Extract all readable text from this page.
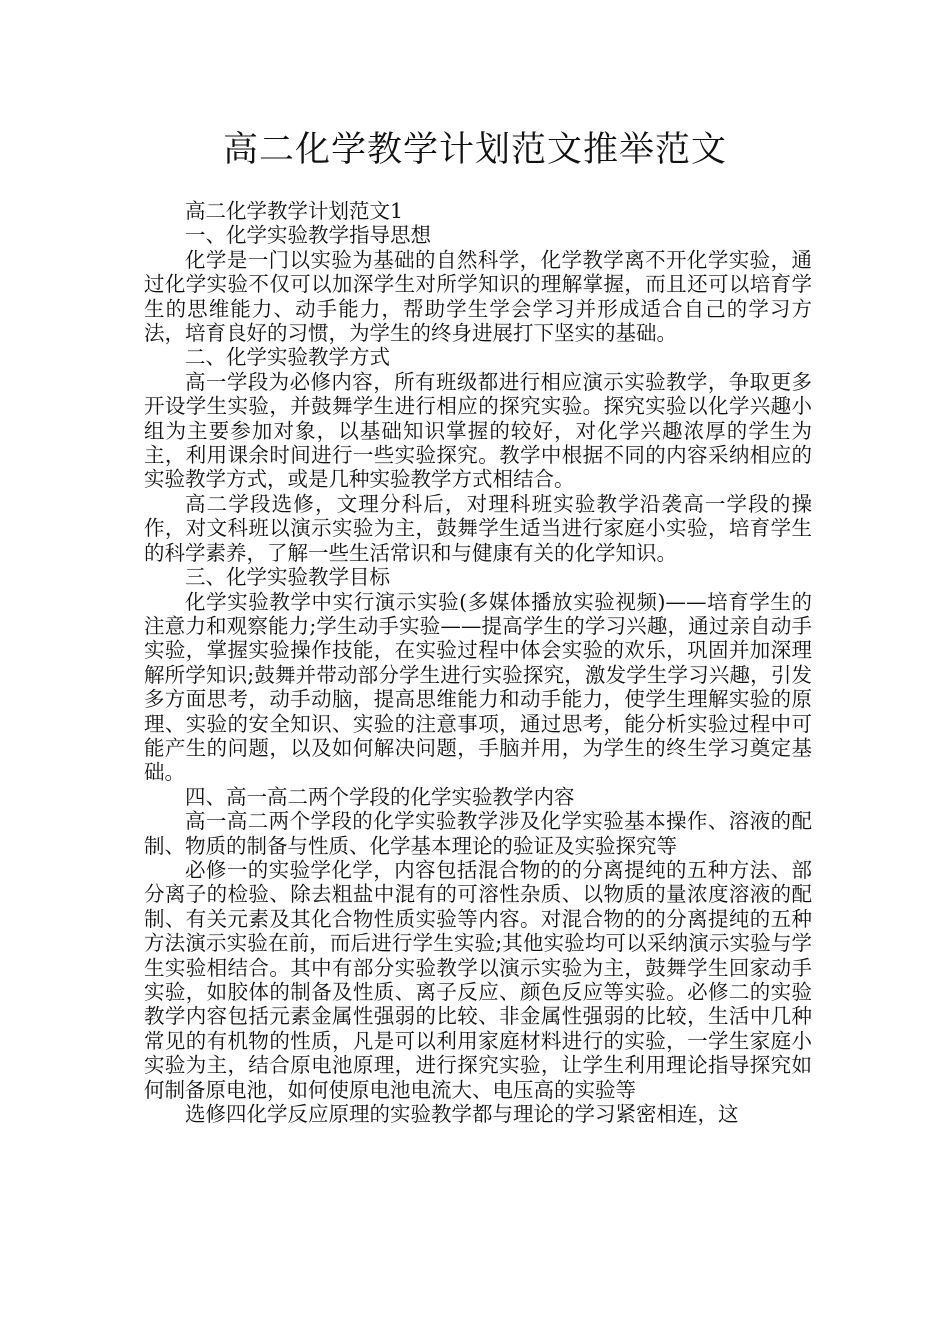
高二化学教学计划范文推举范文

高二化学教学计划范文1

一、化学实验教学指导思想

化学是一门以实验为基础的自然科学，化学教学离不开化学实验，通过化学实验不仅可以加深学生对所学知识的理解掌握，而且还可以培育学生的思维能力、动手能力，帮助学生学会学习并形成适合自己的学习方法，培育良好的习惯，为学生的终身进展打下坚实的基础。

二、化学实验教学方式

高一学段为必修内容，所有班级都进行相应演示实验教学，争取更多开设学生实验，并鼓舞学生进行相应的探究实验。探究实验以化学兴趣小组为主要参加对象，以基础知识掌握的较好，对化学兴趣浓厚的学生为主，利用课余时间进行一些实验探究。教学中根据不同的内容采纳相应的实验教学方式，或是几种实验教学方式相结合。

高二学段选修，文理分科后，对理科班实验教学沿袭高一学段的操作，对文科班以演示实验为主，鼓舞学生适当进行家庭小实验，培育学生的科学素养，了解一些生活常识和与健康有关的化学知识。

三、化学实验教学目标

化学实验教学中实行演示实验(多媒体播放实验视频)——培育学生的注意力和观察能力;学生动手实验——提高学生的学习兴趣，通过亲自动手实验，掌握实验操作技能，在实验过程中体会实验的欢乐，巩固并加深理解所学知识;鼓舞并带动部分学生进行实验探究，激发学生学习兴趣，引发多方面思考，动手动脑，提高思维能力和动手能力，使学生理解实验的原理、实验的安全知识、实验的注意事项，通过思考，能分析实验过程中可能产生的问题，以及如何解决问题，手脑并用，为学生的终生学习奠定基础。

四、高一高二两个学段的化学实验教学内容

高一高二两个学段的化学实验教学涉及化学实验基本操作、溶液的配制、物质的制备与性质、化学基本理论的验证及实验探究等

必修一的实验学化学，内容包括混合物的的分离提纯的五种方法、部分离子的检验、除去粗盐中混有的可溶性杂质、以物质的量浓度溶液的配制、有关元素及其化合物性质实验等内容。对混合物的的分离提纯的五种方法演示实验在前，而后进行学生实验;其他实验均可以采纳演示实验与学生实验相结合。其中有部分实验教学以演示实验为主，鼓舞学生回家动手实验，如胶体的制备及性质、离子反应、颜色反应等实验。必修二的实验教学内容包括元素金属性强弱的比较、非金属性强弱的比较，生活中几种常见的有机物的性质，凡是可以利用家庭材料进行的实验，一学生家庭小实验为主，结合原电池原理，进行探究实验，让学生利用理论指导探究如何制备原电池，如何使原电池电流大、电压高的实验等

选修四化学反应原理的实验教学都与理论的学习紧密相连，这
